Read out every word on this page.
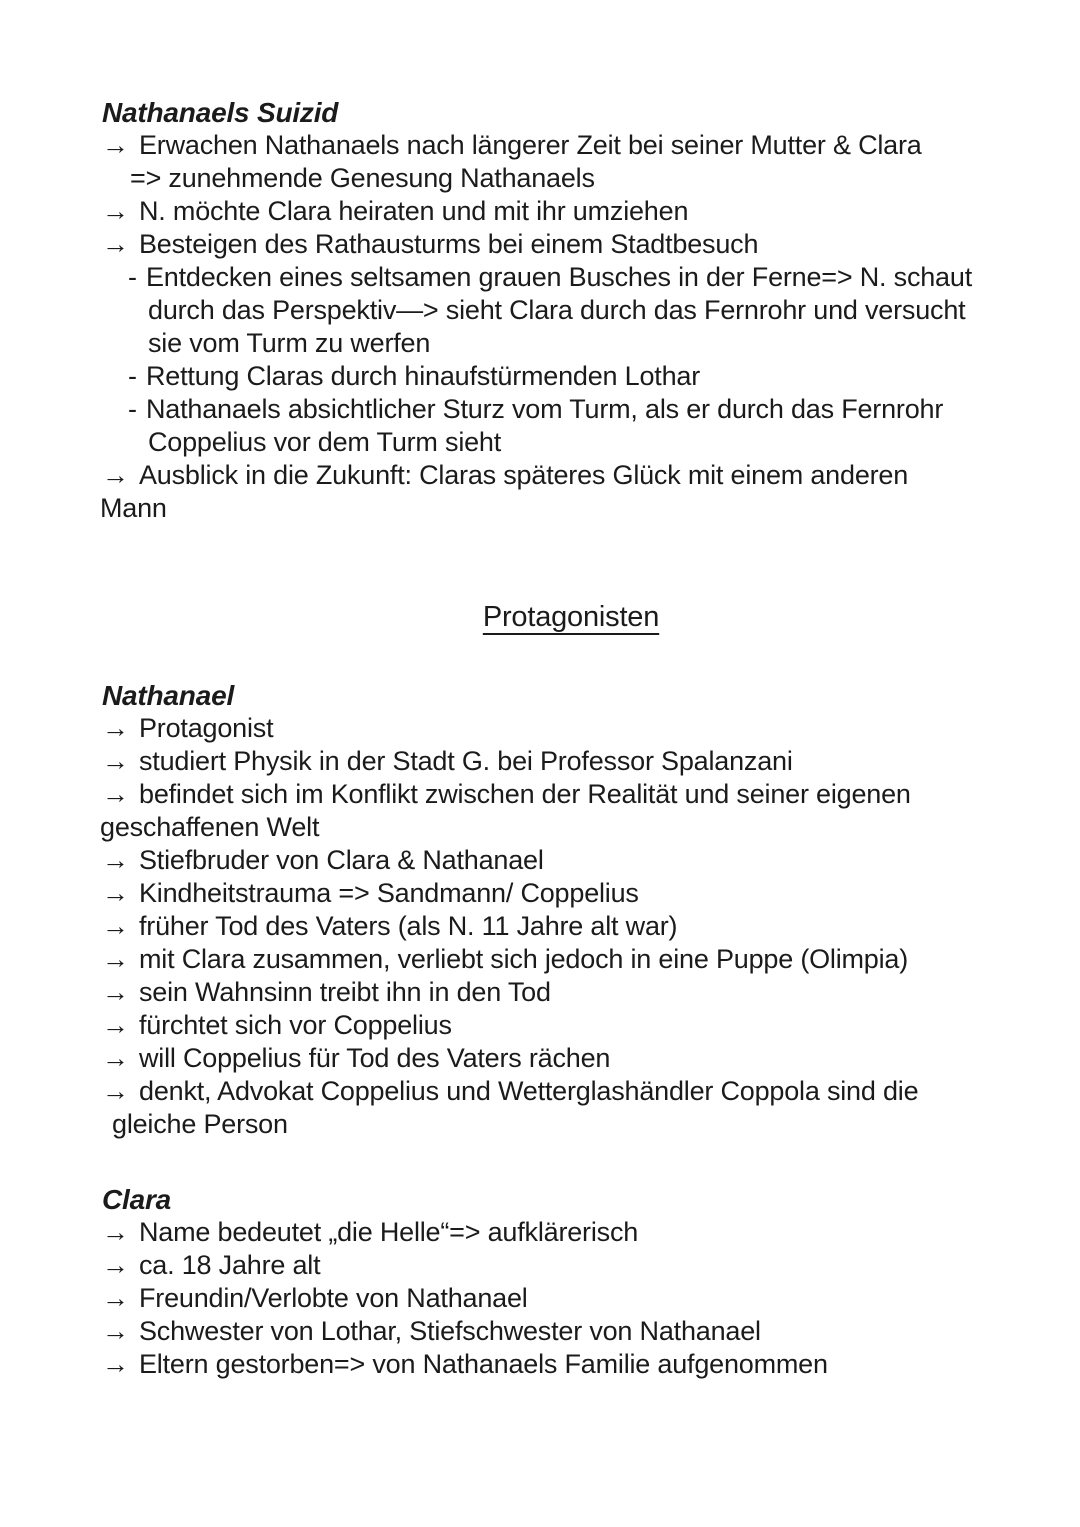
Nathanaels Suizid
→ Erwachen Nathanaels nach längerer Zeit bei seiner Mutter & Clara
=> zunehmende Genesung Nathanaels
→ N. möchte Clara heiraten und mit ihr umziehen
→ Besteigen des Rathausturms bei einem Stadtbesuch
- Entdecken eines seltsamen grauen Busches in der Ferne=> N. schaut
durch das Perspektiv—> sieht Clara durch das Fernrohr und versucht
sie vom Turm zu werfen
- Rettung Claras durch hinaufstürmenden Lothar
- Nathanaels absichtlicher Sturz vom Turm, als er durch das Fernrohr
Coppelius vor dem Turm sieht
→ Ausblick in die Zukunft: Claras späteres Glück mit einem anderen
Mann
Protagonisten
Nathanael
→ Protagonist
→ studiert Physik in der Stadt G. bei Professor Spalanzani
→ befindet sich im Konflikt zwischen der Realität und seiner eigenen
geschaffenen Welt
→ Stiefbruder von Clara & Nathanael
→ Kindheitstrauma => Sandmann/ Coppelius
→ früher Tod des Vaters (als N. 11 Jahre alt war)
→ mit Clara zusammen, verliebt sich jedoch in eine Puppe (Olimpia)
→ sein Wahnsinn treibt ihn in den Tod
→ fürchtet sich vor Coppelius
→ will Coppelius für Tod des Vaters rächen
→ denkt, Advokat Coppelius und Wetterglashändler Coppola sind die
gleiche Person
Clara
→ Name bedeutet „die Helle“=> aufklärerisch
→ ca. 18 Jahre alt
→ Freundin/Verlobte von Nathanael
→ Schwester von Lothar, Stiefschwester von Nathanael
→ Eltern gestorben=> von Nathanaels Familie aufgenommen
